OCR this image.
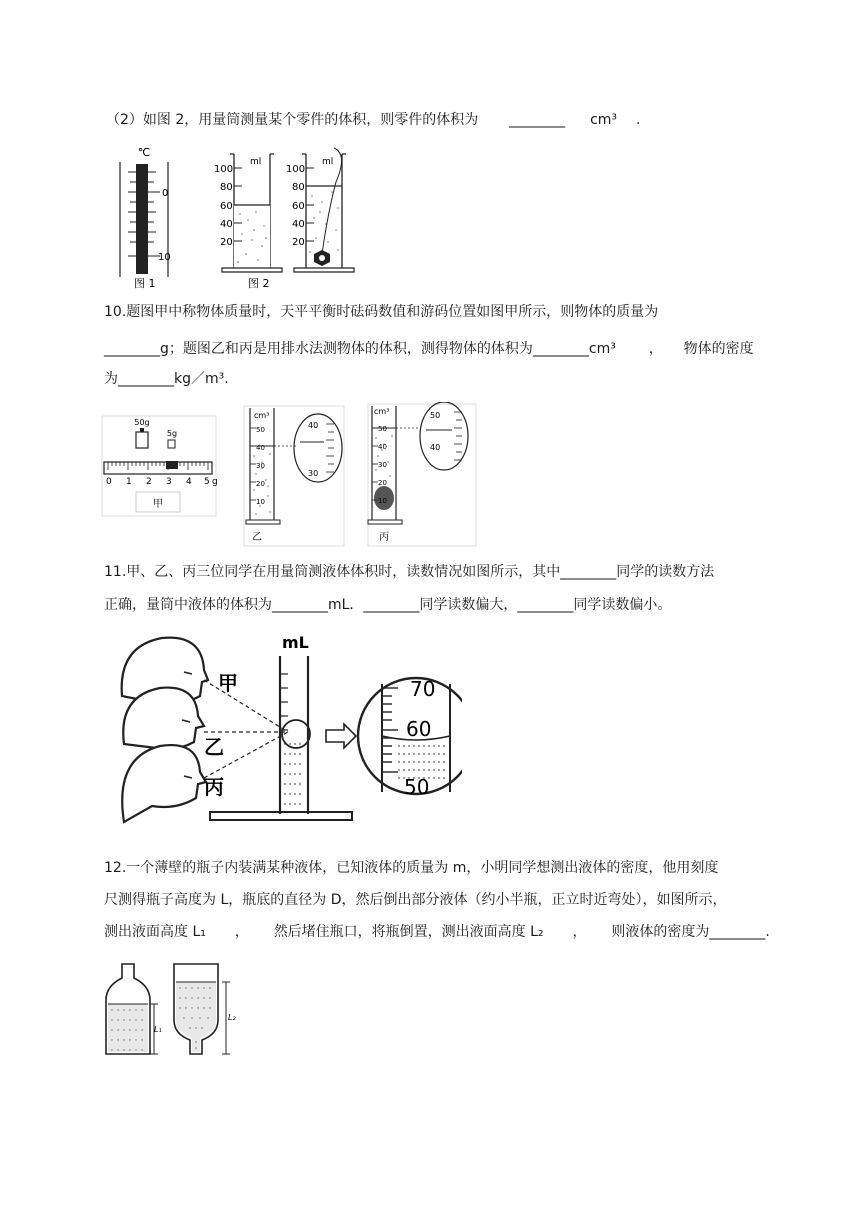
（2）如图 2，用量筒测量某个零件的体积，则零件的体积为 ________ cm³ .
℃
0
10
图 1
ml
100
80
60
40
20
图 2
ml
100
80
60
40
20
10.题图甲中称物体质量时，天平平衡时砝码数值和游码位置如图甲所示，则物体的质量为
________g；题图乙和丙是用排水法测物体的体积，测得物体的体积为________cm³ ， 物体的密度
为________kg／m³.
50g
5g
0 1 2 3 4 5 g
甲
cm³
50
40
30
20
10
40
30
乙
cm³
50
40
30
20
10
50
40
丙
11.甲、乙、丙三位同学在用量筒测液体体积时，读数情况如图所示，其中________同学的读数方法
正确，量筒中液体的体积为________mL．________同学读数偏大，________同学读数偏小。
甲
乙
丙
mL
70
60
50
12.一个薄壁的瓶子内装满某种液体，已知液体的质量为 m，小明同学想测出液体的密度，他用刻度
尺测得瓶子高度为 L，瓶底的直径为 D，然后倒出部分液体（约小半瓶，正立时近弯处），如图所示，
测出液面高度 L₁ ， 然后堵住瓶口，将瓶倒置，测出液面高度 L₂ ， 则液体的密度为________.
L₁
L₂
